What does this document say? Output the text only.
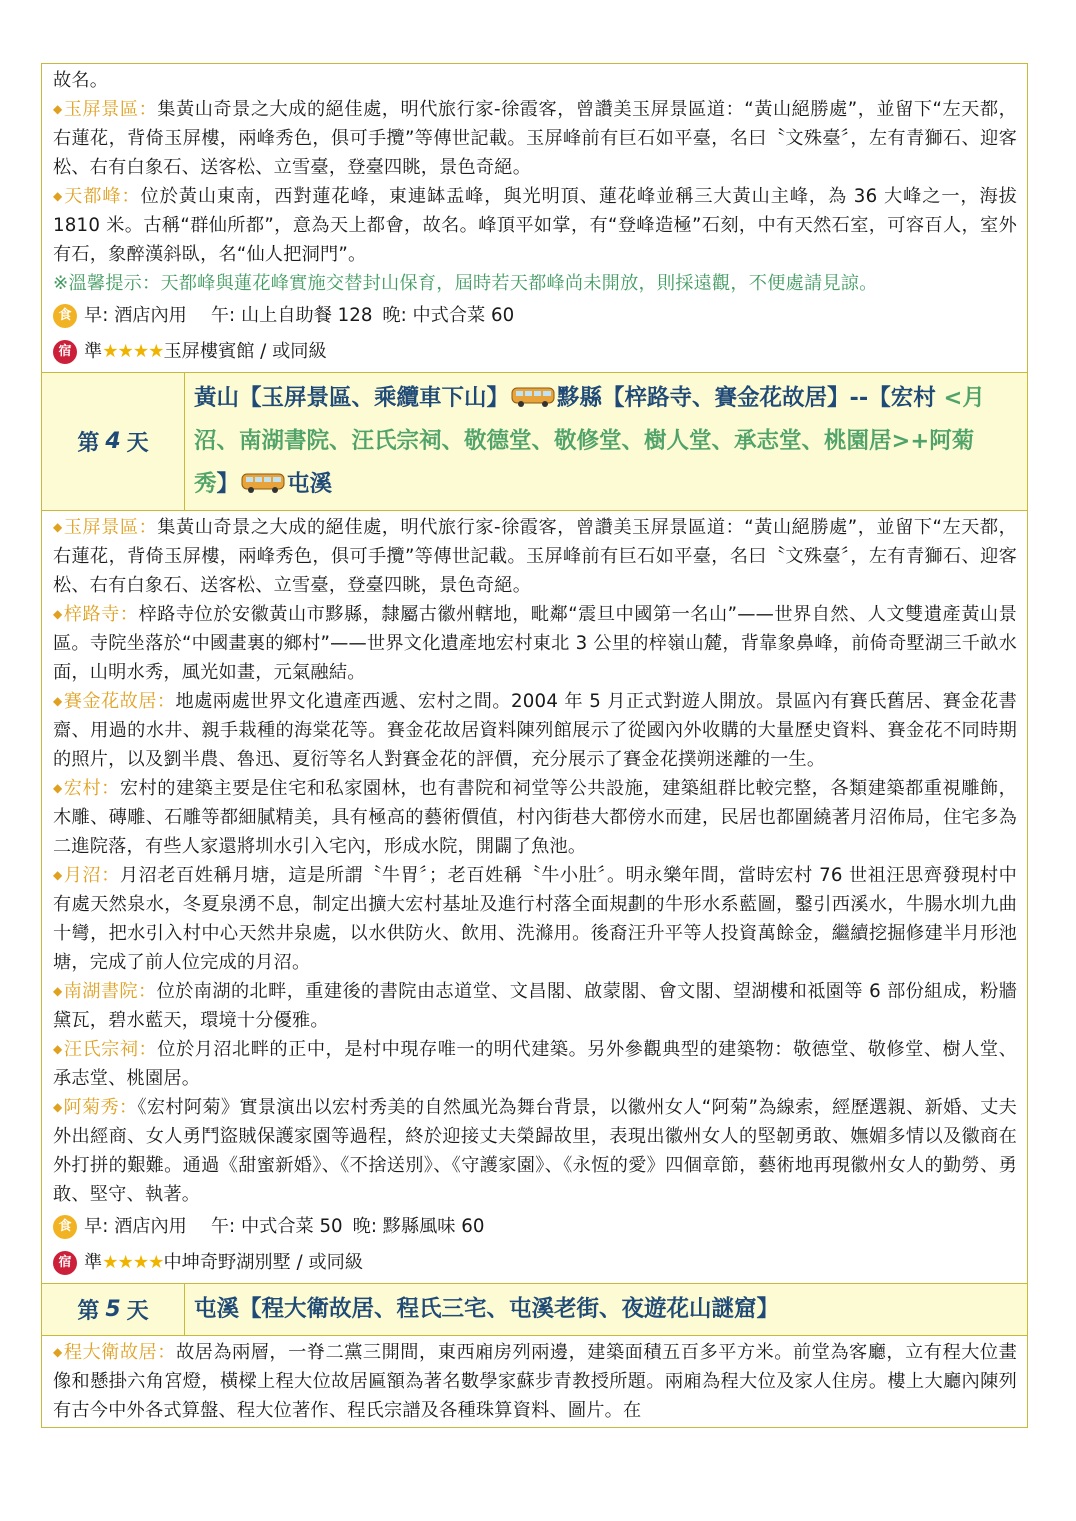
故名。

◆玉屏景區：集黃山奇景之大成的絕佳處，明代旅行家-徐霞客，曾讚美玉屏景區道：“黃山絕勝處”，並留下“左天都，右蓮花，背倚玉屏樓，兩峰秀色，俱可手攬”等傳世記載。玉屏峰前有巨石如平臺，名曰〝文殊臺〞，左有青獅石、迎客松、右有白象石、送客松、立雪臺，登臺四眺，景色奇絕。

◆天都峰：位於黃山東南，西對蓮花峰，東連缽盂峰，與光明頂、蓮花峰並稱三大黃山主峰，為 36 大峰之一，海拔 1810 米。古稱“群仙所都”，意為天上都會，故名。峰頂平如掌，有“登峰造極”石刻，中有天然石室，可容百人，室外有石，象醉漢斜臥，名“仙人把洞門”。

※溫馨提示：天都峰與蓮花峰實施交替封山保育，屆時若天都峰尚未開放，則採遠觀，不便處請見諒。

食 早: 酒店內用 午: 山上自助餐 128 晚: 中式合菜 60
宿 準 ★★★★ 玉屏樓賓館 / 或同級
第 4 天
黃山【玉屏景區、乘纜車下山】 黟縣【梓路寺、賽金花故居】--【宏村 <月沼、南湖書院、汪氏宗祠、敬德堂、敬修堂、樹人堂、承志堂、桃園居>+阿菊秀】 屯溪

◆玉屏景區：集黃山奇景之大成的絕佳處，明代旅行家-徐霞客，曾讚美玉屏景區道：“黃山絕勝處”，並留下“左天都，右蓮花，背倚玉屏樓，兩峰秀色，俱可手攬”等傳世記載。玉屏峰前有巨石如平臺，名曰〝文殊臺〞，左有青獅石、迎客松、右有白象石、送客松、立雪臺，登臺四眺，景色奇絕。

◆梓路寺：梓路寺位於安徽黃山市黟縣，隸屬古徽州轄地，毗鄰“震旦中國第一名山”——世界自然、人文雙遺產黃山景區。寺院坐落於“中國畫裏的鄉村”——世界文化遺產地宏村東北 3 公里的梓嶺山麓，背靠象鼻峰，前倚奇墅湖三千畝水面，山明水秀，風光如畫，元氣融結。

◆賽金花故居：地處兩處世界文化遺產西遞、宏村之間。2004 年 5 月正式對遊人開放。景區內有賽氏舊居、賽金花書齋、用過的水井、親手栽種的海棠花等。賽金花故居資料陳列館展示了從國內外收購的大量歷史資料、賽金花不同時期的照片，以及劉半農、魯迅、夏衍等名人對賽金花的評價，充分展示了賽金花撲朔迷離的一生。

◆宏村：宏村的建築主要是住宅和私家園林，也有書院和祠堂等公共設施，建築組群比較完整，各類建築都重視雕飾，木雕、磚雕、石雕等都細膩精美，具有極高的藝術價值，村內街巷大都傍水而建，民居也都圍繞著月沼佈局，住宅多為二進院落，有些人家還將圳水引入宅內，形成水院，開闢了魚池。

◆月沼：月沼老百姓稱月塘，這是所謂〝牛胃〞；老百姓稱〝牛小肚〞。明永樂年間，當時宏村 76 世祖汪思齊發現村中有處天然泉水，冬夏泉湧不息，制定出擴大宏村基址及進行村落全面規劃的牛形水系藍圖，鑿引西溪水，牛腸水圳九曲十彎，把水引入村中心天然井泉處，以水供防火、飲用、洗滌用。後裔汪升平等人投資萬餘金，繼續挖掘修建半月形池塘，完成了前人位完成的月沼。

◆南湖書院：位於南湖的北畔，重建後的書院由志道堂、文昌閣、啟蒙閣、會文閣、望湖樓和祗園等 6 部份組成，粉牆黛瓦，碧水藍天，環境十分優雅。

◆汪氏宗祠：位於月沼北畔的正中，是村中現存唯一的明代建築。另外參觀典型的建築物：敬德堂、敬修堂、樹人堂、承志堂、桃園居。

◆阿菊秀：《宏村阿菊》實景演出以宏村秀美的自然風光為舞台背景，以徽州女人“阿菊”為線索，經歷選親、新婚、丈夫外出經商、女人勇鬥盜賊保護家園等過程，終於迎接丈夫榮歸故里，表現出徽州女人的堅韌勇敢、嫵媚多情以及徽商在外打拼的艱難。通過《甜蜜新婚》、《不捨送別》、《守護家園》、《永恆的愛》四個章節，藝術地再現徽州女人的勤勞、勇敢、堅守、執著。

食 早: 酒店內用 午: 中式合菜 50 晚: 黟縣風味 60
宿 準 ★★★★ 中坤奇野湖別墅 / 或同級
第 5 天	屯溪【程大衛故居、程氏三宅、屯溪老街、夜遊花山謎窟】

◆程大衛故居：故居為兩層，一脊二黨三開間，東西廂房列兩邊，建築面積五百多平方米。前堂為客廳，立有程大位畫像和懸掛六角宮燈，橫樑上程大位故居匾額為著名數學家蘇步青教授所題。兩廂為程大位及家人住房。樓上大廳內陳列有古今中外各式算盤、程大位著作、程氏宗譜及各種珠算資料、圖片。在
